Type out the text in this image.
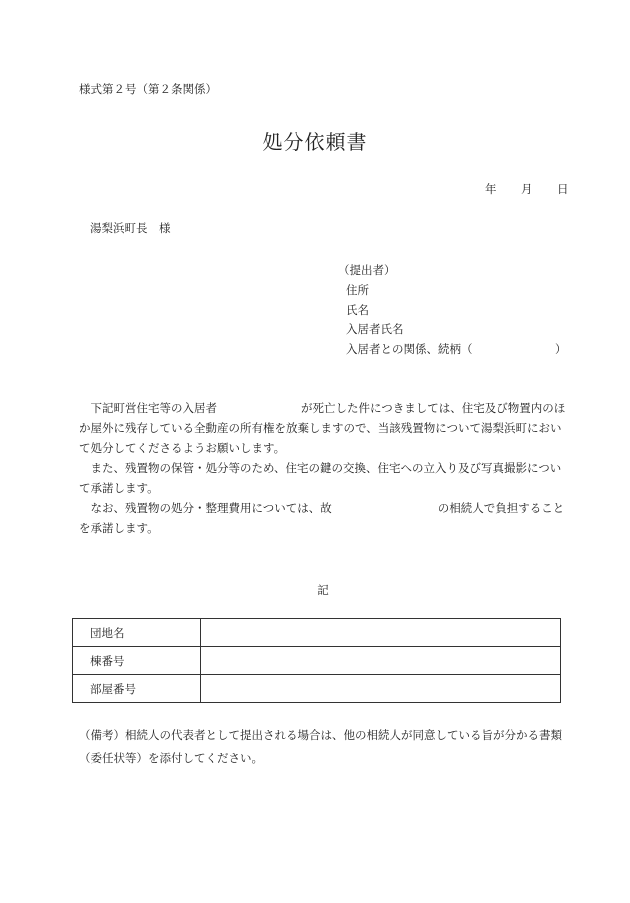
様式第２号（第２条関係）
処分依頼書
年 月 日
湯梨浜町長　様
（提出者）
住所
氏名
入居者氏名
入居者との関係、続柄（	）

　下記町営住宅等の入居者	が死亡した件につきましては、住宅及び物置内のほか屋外に残存している全動産の所有権を放棄しますので、当該残置物について湯梨浜町において処分してくださるようお願いします。

　また、残置物の保管・処分等のため、住宅の鍵の交換、住宅への立入り及び写真撮影について承諾します。

　なお、残置物の処分・整理費用については、故	の相続人で負担することを承諾します。

記
団地名	
棟番号	
部屋番号	
（備考）相続人の代表者として提出される場合は、他の相続人が同意している旨が分かる書類（委任状等）を添付してください。
